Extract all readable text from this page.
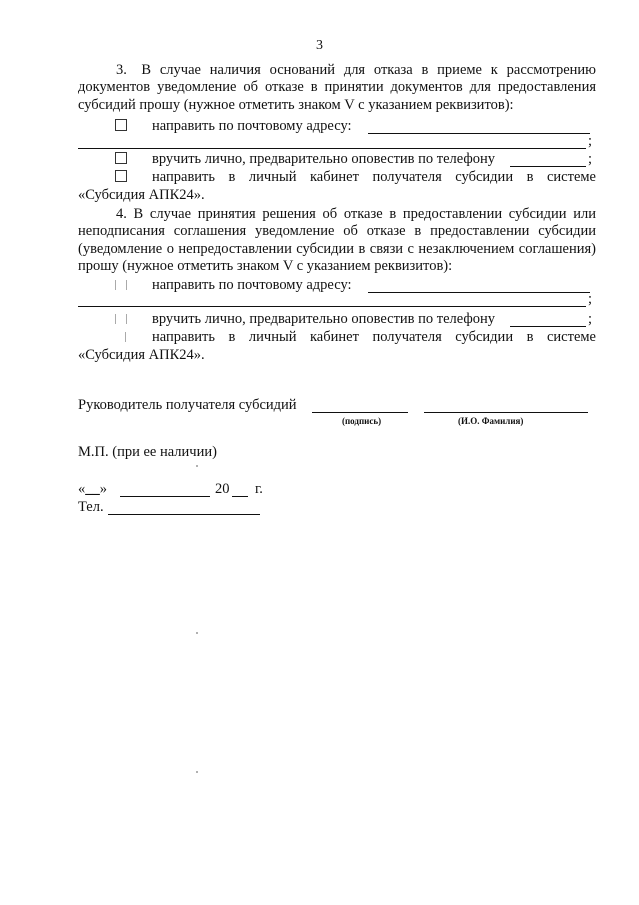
3
3. В случае наличия оснований для отказа в приеме к рассмотрению документов уведомление об отказе в принятии документов для предоставления субсидий прошу (нужное отметить знаком V с указанием реквизитов):
направить по почтовому адресу:
;
вручить лично, предварительно оповестив по телефону	;
направить в личный кабинет получателя субсидии в системе
«Субсидия АПК24».
4. В случае принятия решения об отказе в предоставлении субсидии или неподписания соглашения уведомление об отказе в предоставлении субсидии (уведомление о непредоставлении субсидии в связи с незаключением соглашения) прошу (нужное отметить знаком V с указанием реквизитов):
направить по почтовому адресу:
;
вручить лично, предварительно оповестив по телефону	;
направить в личный кабинет получателя субсидии в системе
«Субсидия АПК24».
Руководитель получателя субсидий
(подпись)	(И.О. Фамилия)
М.П. (при ее наличии)
«__»	20 г.
Тел.
